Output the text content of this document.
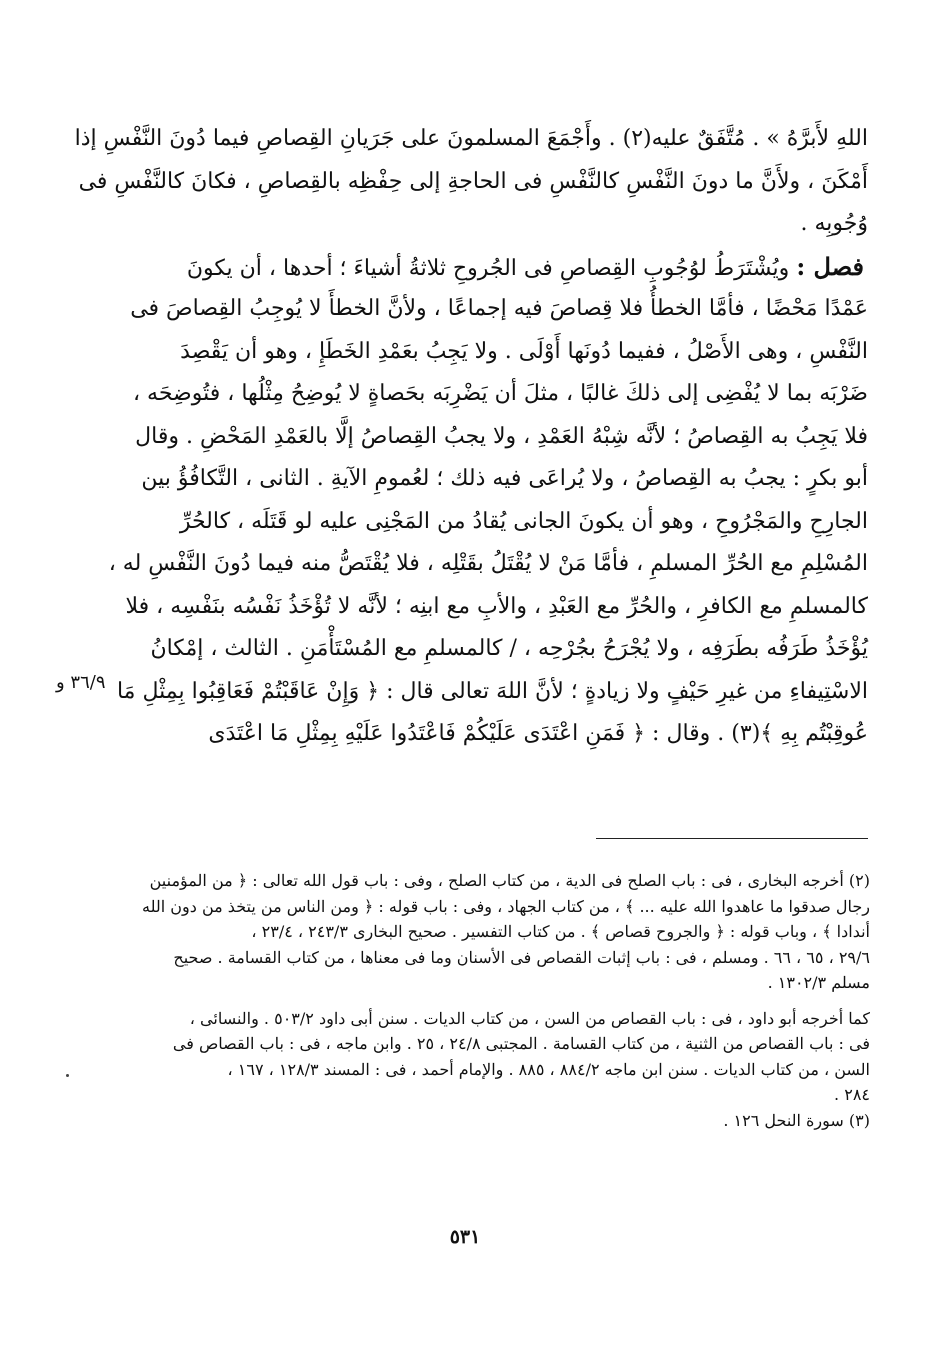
اللهِ لأَبرَّهُ » . مُتَّفَقٌ عليه(٢) . وأَجْمَعَ المسلمونَ على جَرَيانِ القِصاصِ فيما دُونَ النَّفْسِ إذا
أَمْكَنَ ، ولأَنَّ ما دونَ النَّفْسِ كالنَّفْسِ فى الحاجةِ إلى حِفْظِه بالقِصاصِ ، فكانَ كالنَّفْسِ فى
وُجُوبِه .
فصل : ويُشْتَرَطُ لوُجُوبِ القِصاصِ فى الجُروحِ ثلاثةُ أشياءَ ؛ أحدها ، أن يكونَ
عَمْدًا مَحْضًا ، فأمَّا الخطأُ فلا قِصاصَ فيه إجماعًا ، ولأنَّ الخطأَ لا يُوجِبُ القِصاصَ فى
النَّفْسِ ، وهى الأَصْلُ ، ففيما دُونَها أَوْلَى . ولا يَجِبُ بعَمْدِ الخَطَإِ ، وهو أن يَقْصِدَ
ضَرْبَه بما لا يُفْضِى إلى ذلكَ غالبًا ، مثلَ أن يَضْرِبَه بحَصاةٍ لا يُوضِحُ مِثْلُها ، فتُوضِحَه ،
فلا يَجِبُ به القِصاصُ ؛ لأنَّه شِبْهُ العَمْدِ ، ولا يجبُ القِصاصُ إلَّا بالعَمْدِ المَحْضِ . وقال
أبو بكرٍ : يجبُ به القِصاصُ ، ولا يُراعَى فيه ذلك ؛ لعُمومِ الآيةِ . الثانى ، التَّكافُؤُ بين
الجارِحِ والمَجْرُوحِ ، وهو أن يكونَ الجانى يُقادُ من المَجْنِى عليه لو قَتَلَه ، كالحُرِّ
المُسْلِمِ مع الحُرِّ المسلمِ ، فأمَّا مَنْ لا يُقْتَلُ بقَتْلِه ، فلا يُقْتَصُّ منه فيما دُونَ النَّفْسِ له ،
كالمسلمِ مع الكافرِ ، والحُرِّ مع العَبْدِ ، والأبِ مع ابنِه ؛ لأنَّه لا تُؤْخَذُ نَفْسُه بنَفْسِه ، فلا
يُؤْخَذُ طَرَفُه بطَرَفِه ، ولا يُجْرَحُ بجُرْحِه ، / كالمسلمِ مع المُسْتَأْمَنِ . الثالث ، إمْكانُ
الاسْتِيفاءِ من غيرِ حَيْفٍ ولا زيادةٍ ؛ لأنَّ اللهَ تعالى قال : ﴿ وَإِنْ عَاقَبْتُمْ فَعَاقِبُوا بِمِثْلِ مَا
عُوقِبْتُم بِهِ ﴾(٣) . وقال : ﴿ فَمَنِ اعْتَدَى عَلَيْكُمْ فَاعْتَدُوا عَلَيْهِ بِمِثْلِ مَا اعْتَدَى
٣٦/٩ و
(٢) أخرجه البخارى ، فى : باب الصلح فى الدية ، من كتاب الصلح ، وفى : باب قول الله تعالى : ﴿ من المؤمنين
رجال صدقوا ما عاهدوا الله عليه ... ﴾ ، من كتاب الجهاد ، وفى : باب قوله : ﴿ ومن الناس من يتخذ من دون الله
أندادا ﴾ ، وباب قوله : ﴿ والجروح قصاص ﴾ . من كتاب التفسير . صحيح البخارى ٢٤٣/٣ ، ٢٣/٤ ،
٢٩/٦ ، ٦٥ ، ٦٦ . ومسلم ، فى : باب إثبات القصاص فى الأسنان وما فى معناها ، من كتاب القسامة . صحيح
مسلم ١٣٠٢/٣ .
كما أخرجه أبو داود ، فى : باب القصاص من السن ، من كتاب الديات . سنن أبى داود ٥٠٣/٢ . والنسائى ،
فى : باب القصاص من الثنية ، من كتاب القسامة . المجتبى ٢٤/٨ ، ٢٥ . وابن ماجه ، فى : باب القصاص فى
السن ، من كتاب الديات . سنن ابن ماجه ٨٨٤/٢ ، ٨٨٥ . والإمام أحمد ، فى : المسند ١٢٨/٣ ، ١٦٧ ،
٢٨٤ .
(٣) سورة النحل ١٢٦ .
٥٣١
